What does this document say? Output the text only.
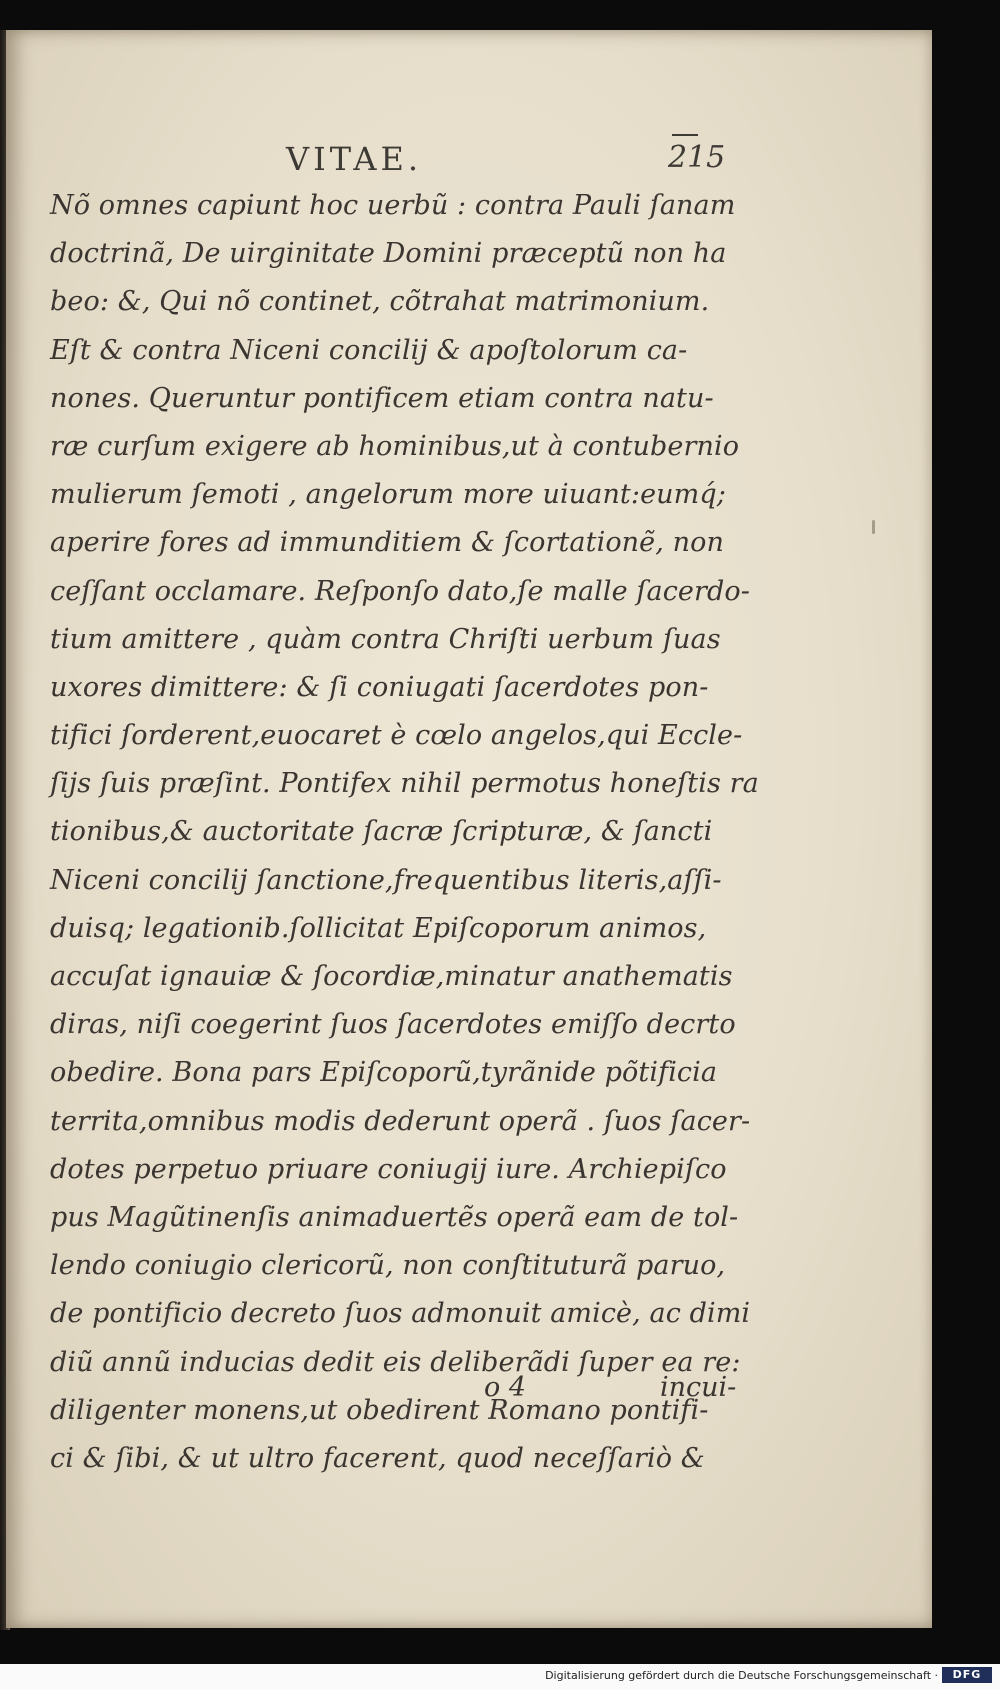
VITAE.	215
Nõ omnes capiunt hoc uerbũ : contra Pauli ſanam
doctrinã, De uirginitate Domini præceptũ non ha
beo: &, Qui nõ continet, cõtrahat matrimonium.
Eſt & contra Niceni concilij & apoſtolorum ca-
nones. Queruntur pontificem etiam contra natu-
ræ curſum exigere ab hominibus,ut à contubernio
mulierum ſemoti , angelorum more uiuant:eumq́;
aperire fores ad immunditiem & ſcortationẽ, non
ceſſant occlamare. Reſponſo dato,ſe malle ſacerdo-
tium amittere , quàm contra Chriſti uerbum ſuas
uxores dimittere: & ſi coniugati ſacerdotes pon-
tifici ſorderent,euocaret è cœlo angelos,qui Eccle-
ſijs ſuis præſint. Pontifex nihil permotus honeſtis ra
tionibus,& auctoritate ſacræ ſcripturæ, & ſancti
Niceni concilij ſanctione,frequentibus literis,aſſi-
duisq; legationib.ſollicitat Epiſcoporum animos,
accuſat ignauiæ & ſocordiæ,minatur anathematis
diras, niſi coegerint ſuos ſacerdotes emiſſo decrto
obedire. Bona pars Epiſcoporũ,tyrãnide põtificia
territa,omnibus modis dederunt operã . ſuos ſacer-
dotes perpetuo priuare coniugij iure. Archiepiſco
pus Magũtinenſis animaduertẽs operã eam de tol-
lendo coniugio clericorũ, non conſtituturã paruo,
de pontificio decreto ſuos admonuit amicè, ac dimi
diũ annũ inducias dedit eis deliberãdi ſuper ea re:
diligenter monens,ut obedirent Romano pontifi-
ci & ſibi, & ut ultro facerent, quod neceſſariò &
o 4	incui-
Digitalisierung gefördert durch die Deutsche Forschungsgemeinschaft ·	DFG
